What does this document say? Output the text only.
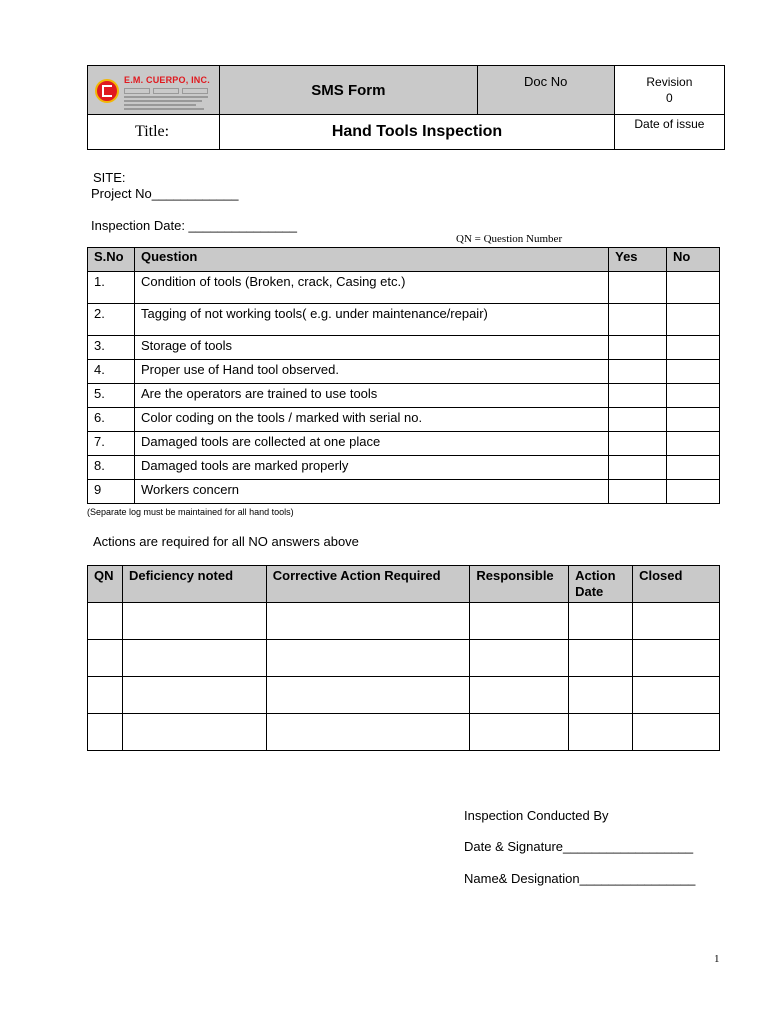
E.M. CUERPO, INC.	SMS Form	Doc No	Revision
0

Title:	Hand Tools Inspection		Date of issue
SITE:
Project No____________
Inspection Date: _______________
QN = Question Number
S.No	Question	Yes	No
1.	Condition of tools (Broken, crack, Casing etc.)		
2.	Tagging of not working tools( e.g. under maintenance/repair)		
3.	Storage of tools		
4.	Proper use of Hand tool observed.		
5.	Are the operators are trained to use tools		
6.	Color coding on the tools / marked with serial no.		
7.	Damaged tools are collected at one place		
8.	Damaged tools are marked properly		
9	Workers concern		
(Separate log must be maintained for all hand tools)
Actions are required for all NO answers above
QN	Deficiency noted	Corrective Action Required	Responsible	Action Date	Closed

Inspection Conducted By
Date & Signature__________________
Name& Designation________________
1
